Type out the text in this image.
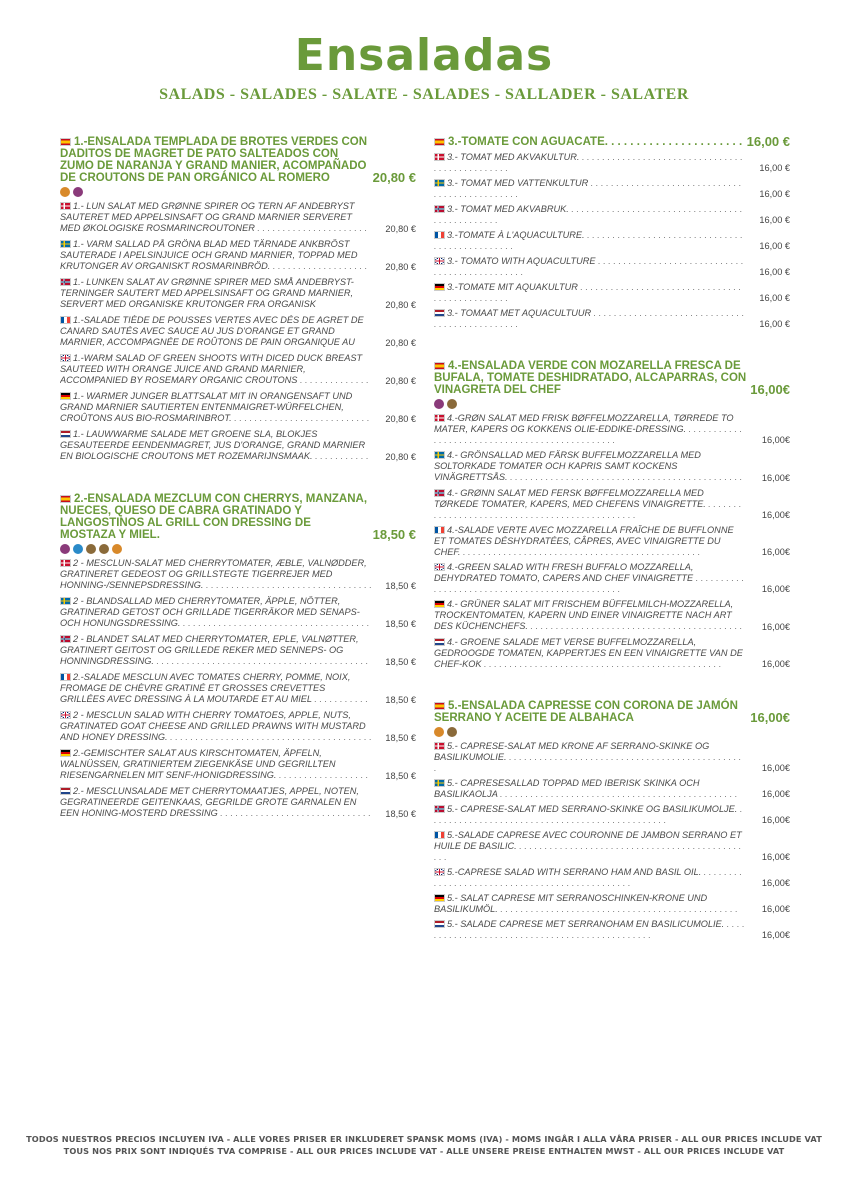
Ensaladas
SALADS - SALADES - SALATE - SALADES - SALLADER - SALATER
1.-ENSALADA TEMPLADA DE BROTES VERDES CON DADITOS DE MAGRET DE PATO SALTEADOS CON ZUMO DE NARANJA Y GRAND MANIER, ACOMPAÑADO DE CROUTONS DE PAN ORGÁNICO AL ROMERO	20,80 €
1.- LUN SALAT MED GRØNNE SPIRER OG TERN AF ANDEBRYST SAUTERET MED APPELSINSAFT OG GRAND MARNIER SERVERET MED ØKOLOGISKE ROSMARINCROUTONER . . . . . . . . . . . . . . . . . . . . . .	20,80 €
1.- VARM SALLAD PÅ GRÖNA BLAD MED TÄRNADE ANKBRÖST SAUTERADE I APELSINJUICE OCH GRAND MARNIER, TOPPAD MED KRUTONGER AV ORGANISKT ROSMARINBRÖD. . . . . . . . . . . . . . . . . . . .	20,80 €
1.- LUNKEN SALAT AV GRØNNE SPIRER MED SMÅ ANDEBRYST-TERNINGER SAUTERT MED APPELSINSAFT OG GRAND MARNIER, SERVERT MED ORGANISKE KRUTONGER FRA ORGANISK	20,80 €
1.-SALADE TIÈDE DE POUSSES VERTES AVEC DÉS DE AGRET DE CANARD SAUTÉS AVEC SAUCE AU JUS D'ORANGE ET GRAND MARNIER, ACCOMPAGNÉE DE ROÛTONS DE PAIN ORGANIQUE AU	20,80 €
1.-WARM SALAD OF GREEN SHOOTS WITH DICED DUCK BREAST SAUTEED WITH ORANGE JUICE AND GRAND MARNIER, ACCOMPANIED BY ROSEMARY ORGANIC CROUTONS . . . . . . . . . . . . . .	20,80 €
1.- WARMER JUNGER BLATTSALAT MIT IN ORANGENSAFT UND GRAND MARNIER SAUTIERTEN ENTENMAIGRET-WÜRFELCHEN, CROÛTONS AUS BIO-ROSMARINBROT. . . . . . . . . . . . . . . . . . . . . . . . . . . .	20,80 €
1.- LAUWWARME SALADE MET GROENE SLA, BLOKJES GESAUTEERDE EENDENMAGRET, JUS D'ORANGE, GRAND MARNIER EN BIOLOGISCHE CROUTONS MET ROZEMARIJNSMAAK. . . . . . . . . . . .	20,80 €
2.-ENSALADA MEZCLUM CON CHERRYS, MANZANA, NUECES, QUESO DE CABRA GRATINADO Y LANGOSTINOS AL GRILL CON DRESSING DE MOSTAZA Y MIEL.	18,50 €
2 - MESCLUN-SALAT MED CHERRYTOMATER, ÆBLE, VALNØDDER, GRATINERET GEDEOST OG GRILLSTEGTE TIGERREJER MED HONNING-/SENNEPSDRESSING. . . . . . . . . . . . . . . . . . . . . . . . . . . . . . . . . .	18,50 €
2 - BLANDSALLAD MED CHERRYTOMATER, ÄPPLE, NÖTTER, GRATINERAD GETOST OCH GRILLADE TIGERRÄKOR MED SENAPS- OCH HONUNGSDRESSING. . . . . . . . . . . . . . . . . . . . . . . . . . . . . . . . . . . . . .	18,50 €
2 - BLANDET SALAT MED CHERRYTOMATER, EPLE, VALNØTTER, GRATINERT GEITOST OG GRILLEDE REKER MED SENNEPS- OG HONNINGDRESSING. . . . . . . . . . . . . . . . . . . . . . . . . . . . . . . . . . . . . . . . . . .	18,50 €
2.-SALADE MESCLUN AVEC TOMATES CHERRY, POMME, NOIX, FROMAGE DE CHÈVRE GRATINÉ ET GROSSES CREVETTES GRILLÉES AVEC DRESSING À LA MOUTARDE ET AU MIEL . . . . . . . . . . .	18,50 €
2 - MESCLUN SALAD WITH CHERRY TOMATOES, APPLE, NUTS, GRATINATED GOAT CHEESE AND GRILLED PRAWNS WITH MUSTARD AND HONEY DRESSING. . . . . . . . . . . . . . . . . . . . . . . . . . . . . . . . . . . . . . . . .	18,50 €
2.-GEMISCHTER SALAT AUS KIRSCHTOMATEN, ÄPFELN, WALNÜSSEN, GRATINIERTEM ZIEGENKÄSE UND GEGRILLTEN RIESENGARNELEN MIT SENF-/HONIGDRESSING. . . . . . . . . . . . . . . . . . .	18,50 €
2.- MESCLUNSALADE MET CHERRYTOMAATJES, APPEL, NOTEN, GEGRATINEERDE GEITENKAAS, GEGRILDE GROTE GARNALEN EN EEN HONING-MOSTERD DRESSING . . . . . . . . . . . . . . . . . . . . . . . . . . . . . .	18,50 €
3.-TOMATE CON AGUACATE
. . .	16,00 €
3.- TOMAT MED AKVAKULTUR. . . . . . . . . . . . . . . . . . . . . . . . . . . . . . . . . . . . . . . . . . . . . . . .	16,00 €
3.- TOMAT MED VATTENKULTUR . . . . . . . . . . . . . . . . . . . . . . . . . . . . . . . . . . . . . . . . . . . . . . .	16,00 €
3.- TOMAT MED AKVABRUK. . . . . . . . . . . . . . . . . . . . . . . . . . . . . . . . . . . . . . . . . . . . . . . .	16,00 €
3.-TOMATE À L'AQUACULTURE. . . . . . . . . . . . . . . . . . . . . . . . . . . . . . . . . . . . . . . . . . . . . . . .	16,00 €
3.- TOMATO WITH AQUACULTURE . . . . . . . . . . . . . . . . . . . . . . . . . . . . . . . . . . . . . . . . . . . . . . .	16,00 €
3.-TOMATE MIT AQUAKULTUR . . . . . . . . . . . . . . . . . . . . . . . . . . . . . . . . . . . . . . . . . . . . . . .	16,00 €
3.- TOMAAT MET AQUACULTUUR . . . . . . . . . . . . . . . . . . . . . . . . . . . . . . . . . . . . . . . . . . . . . . .	16,00 €
4.-ENSALADA VERDE CON MOZARELLA FRESCA DE BUFALA, TOMATE DESHIDRATADO, ALCAPARRAS, CON VINAGRETA DEL CHEF	16,00€
4.-GRØN SALAT MED FRISK BØFFELMOZZARELLA, TØRREDE TO MATER, KAPERS OG KOKKENS OLIE-EDDIKE-DRESSING. . . . . . . . . . . . . . . . . . . . . . . . . . . . . . . . . . . . . . . . . . . . . . . .	16,00€
4.- GRÖNSALLAD MED FÄRSK BUFFELMOZZARELLA MED SOLTORKADE TOMATER OCH KAPRIS SAMT KOCKENS VINÄGRETTSÅS. . . . . . . . . . . . . . . . . . . . . . . . . . . . . . . . . . . . . . . . . . . . . . .	16,00€
4.- GRØNN SALAT MED FERSK BØFFELMOZZARELLA MED TØRKEDE TOMATER, KAPERS, MED CHEFENS VINAIGRETTE. . . . . . . . . . . . . . . . . . . . . . . . . . . . . . . . . . . . . . . . . . . . . . . .	16,00€
4.-SALADE VERTE AVEC MOZZARELLA FRAÎCHE DE BUFFLONNE ET TOMATES DÉSHYDRATÉES, CÂPRES, AVEC VINAIGRETTE DU CHEF. . . . . . . . . . . . . . . . . . . . . . . . . . . . . . . . . . . . . . . . . . . . . . . .	16,00€
4.-GREEN SALAD WITH FRESH BUFFALO MOZZARELLA, DEHYDRATED TOMATO, CAPERS AND CHEF VINAIGRETTE . . . . . . . . . . . . . . . . . . . . . . . . . . . . . . . . . . . . . . . . . . . . . . .	16,00€
4.- GRÜNER SALAT MIT FRISCHEM BÜFFELMILCH-MOZZARELLA, TROCKENTOMATEN, KAPERN UND EINER VINAIGRETTE NACH ART DES KÜCHENCHEFS. . . . . . . . . . . . . . . . . . . . . . . . . . . . . . . . . . . . . . . . . . .	16,00€
4.- GROENE SALADE MET VERSE BUFFELMOZZARELLA, GEDROOGDE TOMATEN, KAPPERTJES EN EEN VINAIGRETTE VAN DE CHEF-KOK . . . . . . . . . . . . . . . . . . . . . . . . . . . . . . . . . . . . . . . . . . . . . . .	16,00€
5.-ENSALADA CAPRESSE CON CORONA DE JAMÓN SERRANO Y ACEITE DE ALBAHACA	16,00€
5.- CAPRESE-SALAT MED KRONE AF SERRANO-SKINKE OG BASILIKUMOLIE. . . . . . . . . . . . . . . . . . . . . . . . . . . . . . . . . . . . . . . . . . . . . . . .	16,00€
5.- CAPRESESALLAD TOPPAD MED IBERISK SKINKA OCH BASILIKAOLJA . . . . . . . . . . . . . . . . . . . . . . . . . . . . . . . . . . . . . . . . . . . . . . .	16,00€
5.- CAPRESE-SALAT MED SERRANO-SKINKE OG BASILIKUMOLJE. . . . . . . . . . . . . . . . . . . . . . . . . . . . . . . . . . . . . . . . . . . . . . . .	16,00€
5.-SALADE CAPRESE AVEC COURONNE DE JAMBON SERRANO ET HUILE DE BASILIC. . . . . . . . . . . . . . . . . . . . . . . . . . . . . . . . . . . . . . . . . . . . . . . .	16,00€
5.-CAPRESE SALAD WITH SERRANO HAM AND BASIL OIL. . . . . . . . . . . . . . . . . . . . . . . . . . . . . . . . . . . . . . . . . . . . . . . .	16,00€
5.- SALAT CAPRESE MIT SERRANOSCHINKEN-KRONE UND BASILIKUMÖL. . . . . . . . . . . . . . . . . . . . . . . . . . . . . . . . . . . . . . . . . . . . . . . .	16,00€
5.- SALADE CAPRESE MET SERRANOHAM EN BASILICUMOLIE. . . . . . . . . . . . . . . . . . . . . . . . . . . . . . . . . . . . . . . . . . . . . . . .	16,00€
TODOS NUESTROS PRECIOS INCLUYEN IVA - ALLE VORES PRISER ER INKLUDERET SPANSK MOMS (IVA) - MOMS INGÅR I ALLA VÅRA PRISER - ALL OUR PRICES INCLUDE VAT
TOUS NOS PRIX SONT INDIQUÉS TVA COMPRISE - ALL OUR PRICES INCLUDE VAT - ALLE UNSERE PREISE ENTHALTEN MWST - ALL OUR PRICES INCLUDE VAT
